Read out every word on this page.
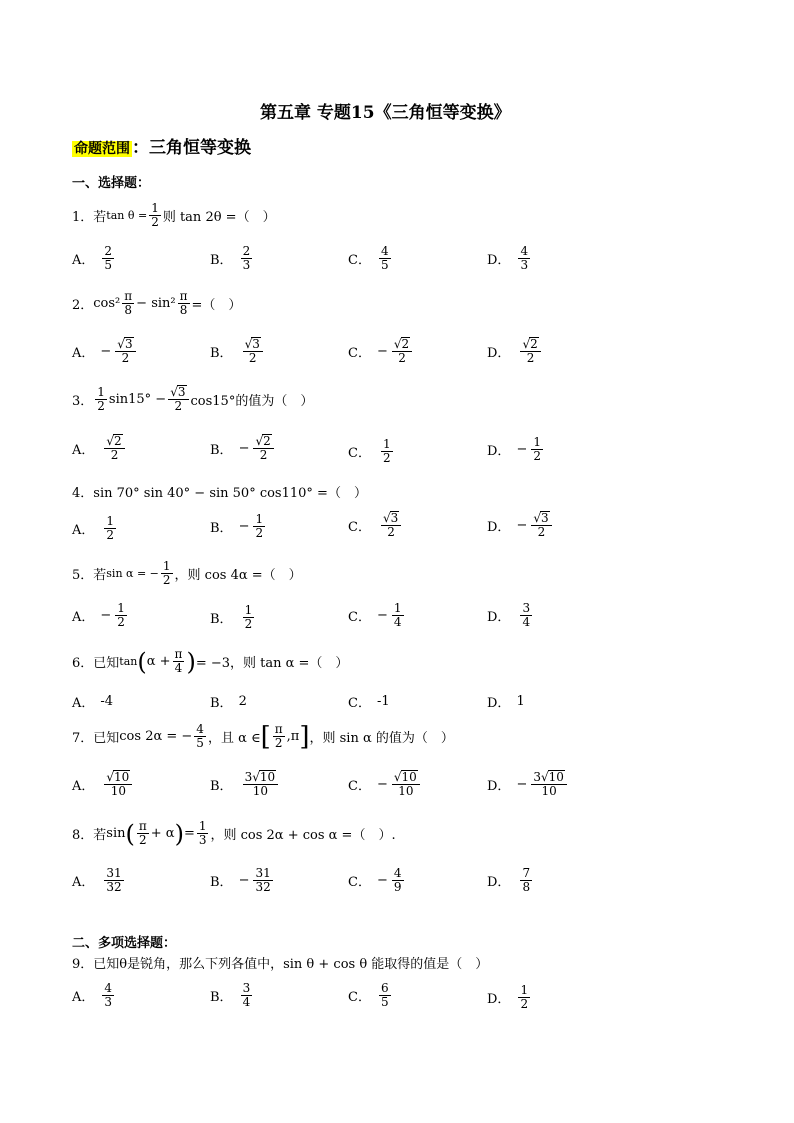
第五章 专题15《三角恒等变换》
命题范围 ：三角恒等变换
一、选择题：
1．若 $\tan \theta = \frac{1}{2}$ 则 tan 2θ =（　）
A． $\frac{2}{5}$	B． $\frac{2}{3}$	C． $\frac{4}{5}$	D． $\frac{4}{3}$
2． $\cos^2 \frac{\pi}{8} - \sin^2 \frac{\pi}{8}$ =（　）
A． − $\frac{√ 3}{2}$	B． $\frac{√ 3}{2}$	C． − $\frac{√ 2}{2}$	D． $\frac{√ 2}{2}$
3． $\frac{1}{2} \sin 15^\circ - \frac{√ 3}{2} \cos 15^\circ$的值为（　）
A． $\frac{√ 2}{2}$	B． − $\frac{√ 2}{2}$	C． $\frac{1}{2}$	D． − $\frac{1}{2}$
4．sin 70° sin 40° − sin 50° cos110° =（　）
A． $\frac{1}{2}$	B． − $\frac{1}{2}$	C． $\frac{√ 3}{2}$	D． − $\frac{√ 3}{2}$
5．若 sin α = − $\frac{1}{2}$ ，则 cos 4α =（　）
A． − $\frac{1}{2}$	B． $\frac{1}{2}$	C． − $\frac{1}{4}$	D． $\frac{3}{4}$
6．已知 tan ( $\alpha + \frac{\pi}{4}$ ) = −3，则 tan α =（　）
A． -4	B． 2	C． -1	D． 1
7．已知 cos 2α = − $\frac{4}{5}$ ，且 α ∈ [ $\frac{\pi}{2} ,\pi$ ] ，则 sin α 的值为（　）
A． $\frac{√ 10}{10}$	B． $\frac{3√ 10}{10}$	C． − $\frac{√ 10}{10}$	D． − $\frac{3√ 10}{10}$
8．若 sin ( $\frac{\pi}{2} + \alpha$ ) = $\frac{1}{3}$ ，则 cos 2α + cos α =（　）.
A． $\frac{31}{32}$	B． − $\frac{31}{32}$	C． − $\frac{4}{9}$	D． $\frac{7}{8}$
二、多项选择题：
9．已知θ是锐角，那么下列各值中，sin θ + cos θ 能取得的值是（　）
A． $\frac{4}{3}$	B． $\frac{3}{4}$	C． $\frac{6}{5}$	D． $\frac{1}{2}$
